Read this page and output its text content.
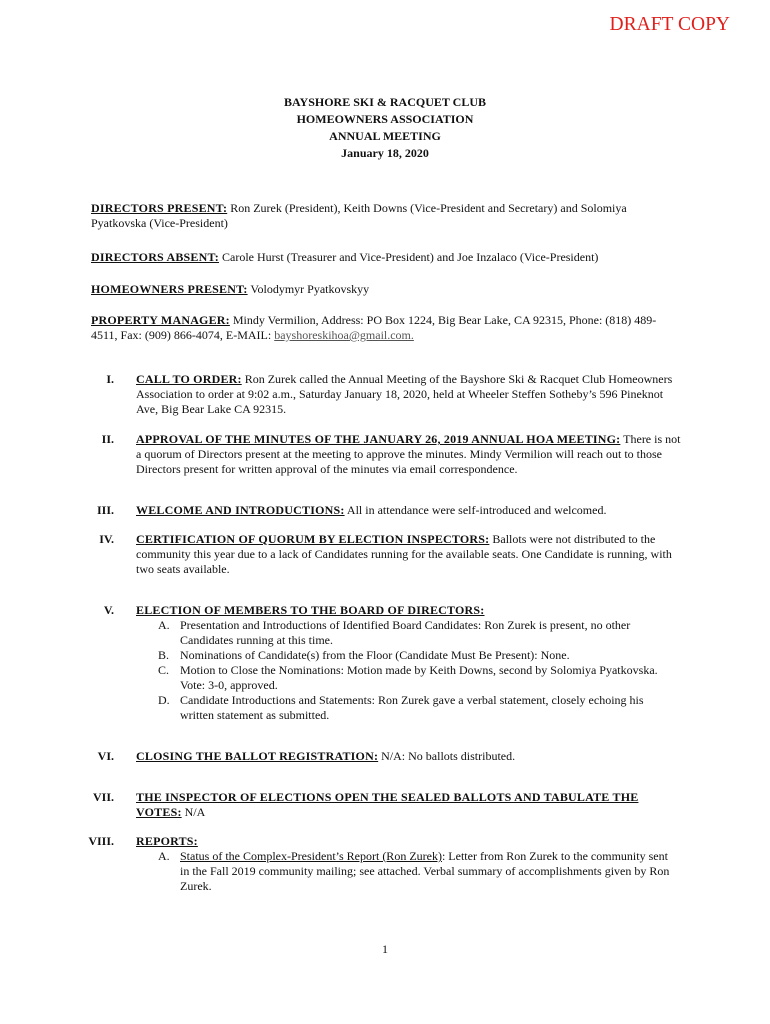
DRAFT COPY
BAYSHORE SKI & RACQUET CLUB
HOMEOWNERS ASSOCIATION
ANNUAL MEETING
January 18, 2020
DIRECTORS PRESENT: Ron Zurek (President), Keith Downs (Vice-President and Secretary) and Solomiya Pyatkovska (Vice-President)
DIRECTORS ABSENT: Carole Hurst (Treasurer and Vice-President) and Joe Inzalaco (Vice-President)
HOMEOWNERS PRESENT: Volodymyr Pyatkovskyy
PROPERTY MANAGER: Mindy Vermilion, Address: PO Box 1224, Big Bear Lake, CA 92315, Phone: (818) 489-4511, Fax: (909) 866-4074, E-MAIL: bayshoreskihoa@gmail.com.
I. CALL TO ORDER: Ron Zurek called the Annual Meeting of the Bayshore Ski & Racquet Club Homeowners Association to order at 9:02 a.m., Saturday January 18, 2020, held at Wheeler Steffen Sotheby’s 596 Pineknot Ave, Big Bear Lake CA 92315.
II. APPROVAL OF THE MINUTES OF THE JANUARY 26, 2019 ANNUAL HOA MEETING: There is not a quorum of Directors present at the meeting to approve the minutes. Mindy Vermilion will reach out to those Directors present for written approval of the minutes via email correspondence.
III. WELCOME AND INTRODUCTIONS: All in attendance were self-introduced and welcomed.
IV. CERTIFICATION OF QUORUM BY ELECTION INSPECTORS: Ballots were not distributed to the community this year due to a lack of Candidates running for the available seats. One Candidate is running, with two seats available.
V. ELECTION OF MEMBERS TO THE BOARD OF DIRECTORS:
A. Presentation and Introductions of Identified Board Candidates: Ron Zurek is present, no other Candidates running at this time.
B. Nominations of Candidate(s) from the Floor (Candidate Must Be Present): None.
C. Motion to Close the Nominations: Motion made by Keith Downs, second by Solomiya Pyatkovska. Vote: 3-0, approved.
D. Candidate Introductions and Statements: Ron Zurek gave a verbal statement, closely echoing his written statement as submitted.
VI. CLOSING THE BALLOT REGISTRATION: N/A: No ballots distributed.
VII. THE INSPECTOR OF ELECTIONS OPEN THE SEALED BALLOTS AND TABULATE THE VOTES: N/A
VIII. REPORTS:
A. Status of the Complex-President’s Report (Ron Zurek): Letter from Ron Zurek to the community sent in the Fall 2019 community mailing; see attached. Verbal summary of accomplishments given by Ron Zurek.
1
